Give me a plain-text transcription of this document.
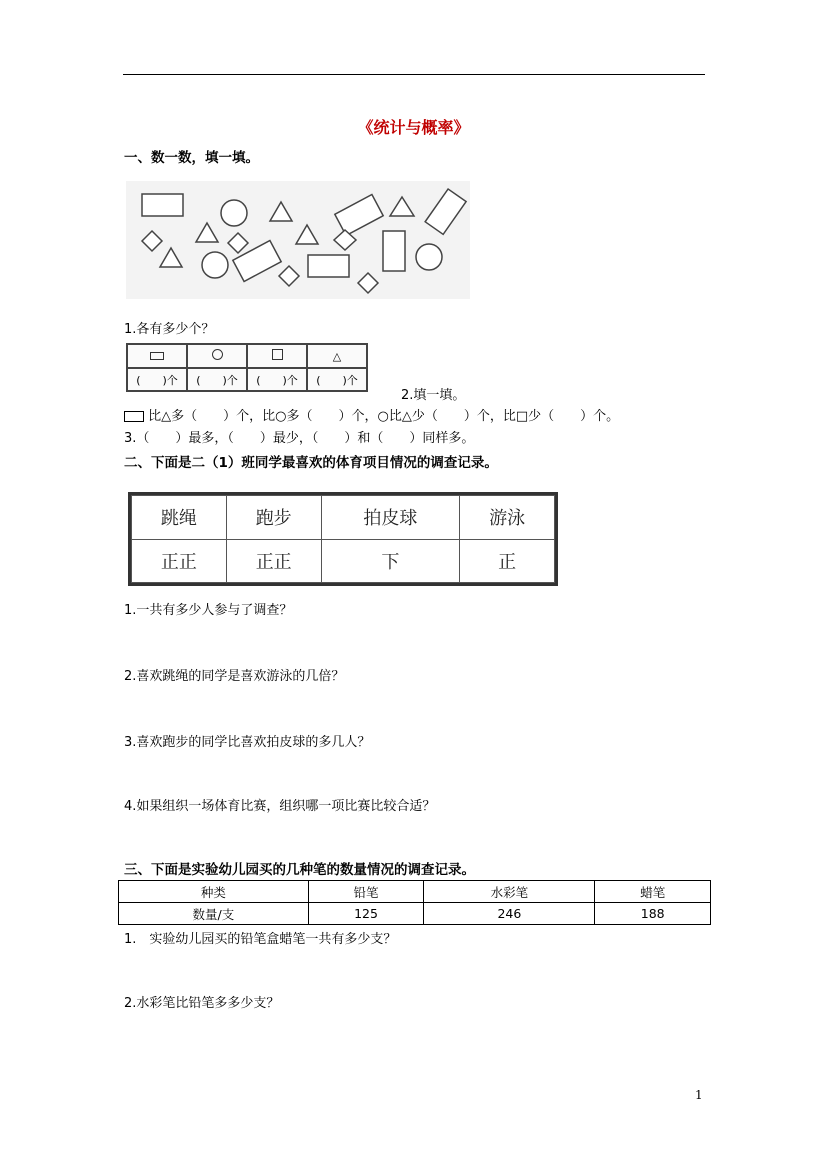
《统计与概率》
一、数一数，填一填。
1.各有多少个？
			△
(　　)个	(　　)个	(　　)个	(　　)个
2.填一填。
比△多（　　）个，比○多（　　）个，○比△少（　　）个，比□少（　　）个。
3.（　　）最多，（　　）最少，（　　）和（　　）同样多。
二、下面是二（1）班同学最喜欢的体育项目情况的调查记录。
跳绳	跑步	拍皮球	游泳
正正	正正	下	正
1.一共有多少人参与了调查？
2.喜欢跳绳的同学是喜欢游泳的几倍？
3.喜欢跑步的同学比喜欢拍皮球的多几人？
4.如果组织一场体育比赛，组织哪一项比赛比较合适？
三、下面是实验幼儿园买的几种笔的数量情况的调查记录。
种类	铅笔	水彩笔	蜡笔
数量/支	125	246	188
1.　实验幼儿园买的铅笔盒蜡笔一共有多少支？
2.水彩笔比铅笔多多少支？
1
